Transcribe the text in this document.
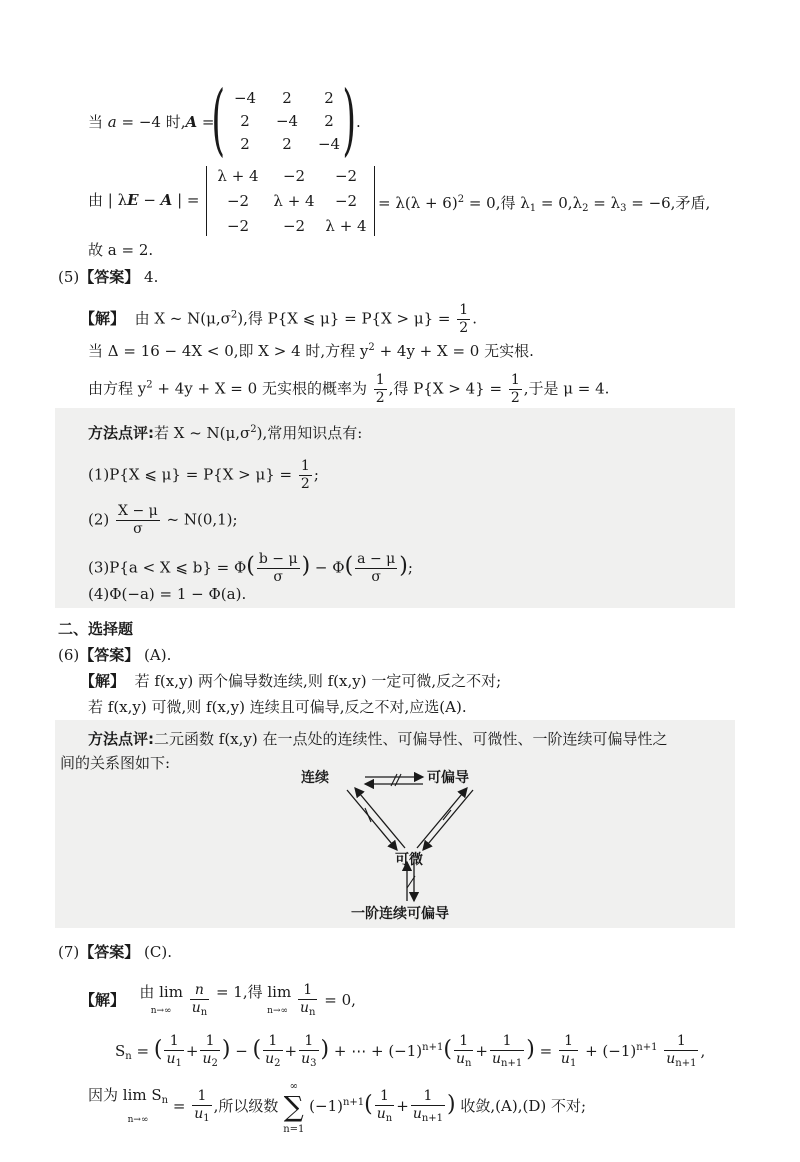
当 a = −4 时,A =
( −4	2	2
2	−4	2
2	2	−4 ) .
由 | λE − A | =
λ + 4	−2	−2
−2	λ + 4	−2
−2	−2	λ + 4
= $\lambda(\lambda + 6)^2 = 0$,得 $\lambda_1 = 0,\lambda_2 = \lambda_3 = -6$,矛盾,
故 a = 2.
(5)【答案】 4.
【解】 由 X ~ $N(\mu,\sigma^2)$,得 P{X ⩽ $\mu\} = P\{X > \mu\} = \frac{1}{2}$ .
当 Δ = 16 − 4X < 0,即 X > 4 时,方程 $y^2 + 4y + X = 0$ 无实根.
由方程 $y^2 + 4y + X = 0$ 无实根的概率为 $\frac{1}{2}$ ,得 $P\{X > 4\} = \frac{1}{2}$ ,于是 μ = 4.
方法点评:若 X ~ $N(\mu,\sigma^2)$,常用知识点有:
(1)P{X ⩽ $\mu\} = P\{X > \mu\} = \frac{1}{2}$ ;
$(2) \frac{X - \mu}{\sigma}$ ~ N(0,1);
(3)P{a < X ⩽ $b\} = \Phi( \frac{b - \mu}{\sigma}$ ) − $\Phi( \frac{a - \mu}{\sigma}$ );
(4)Φ(−a) = 1 − Φ(a).
二、选择题
(6)【答案】 (A).
【解】 若 f(x,y) 两个偏导数连续,则 f(x,y) 一定可微,反之不对;
若 f(x,y) 可微,则 f(x,y) 连续且可偏导,反之不对,应选(A).
方法点评:二元函数 f(x,y) 在一点处的连续性、可偏导性、可微性、一阶连续可偏导性之
间的关系图如下:
连续	可偏导
可微
一阶连续可偏导
(7)【答案】 (C).
【解】 由 lim
$n\to\infty \frac{n}{u_n} = 1$,得 lim
$n\to\infty \frac{1}{u_n} = 0$,
$S_n$ = ( $\frac{1}{u_1} + \frac{1}{u_2}$ ) − ( $\frac{1}{u_2} + \frac{1}{u_3}$ ) + ⋯ + $(-1)^{n+1}( \frac{1}{u_n} + \frac{1}{u_{n+1}}$ ) = $\frac{1}{u_1} + (-1)^{n+1} \frac{1}{u_{n+1}}$ ,
因为 $\lim S_n$
$n\to\infty = \frac{1}{u_1}$ ,所以级数 ∞
∑
n=1 $(-1)^{n+1}( \frac{1}{u_n} + \frac{1}{u_{n+1}}$ ) 收敛,(A),(D) 不对;
